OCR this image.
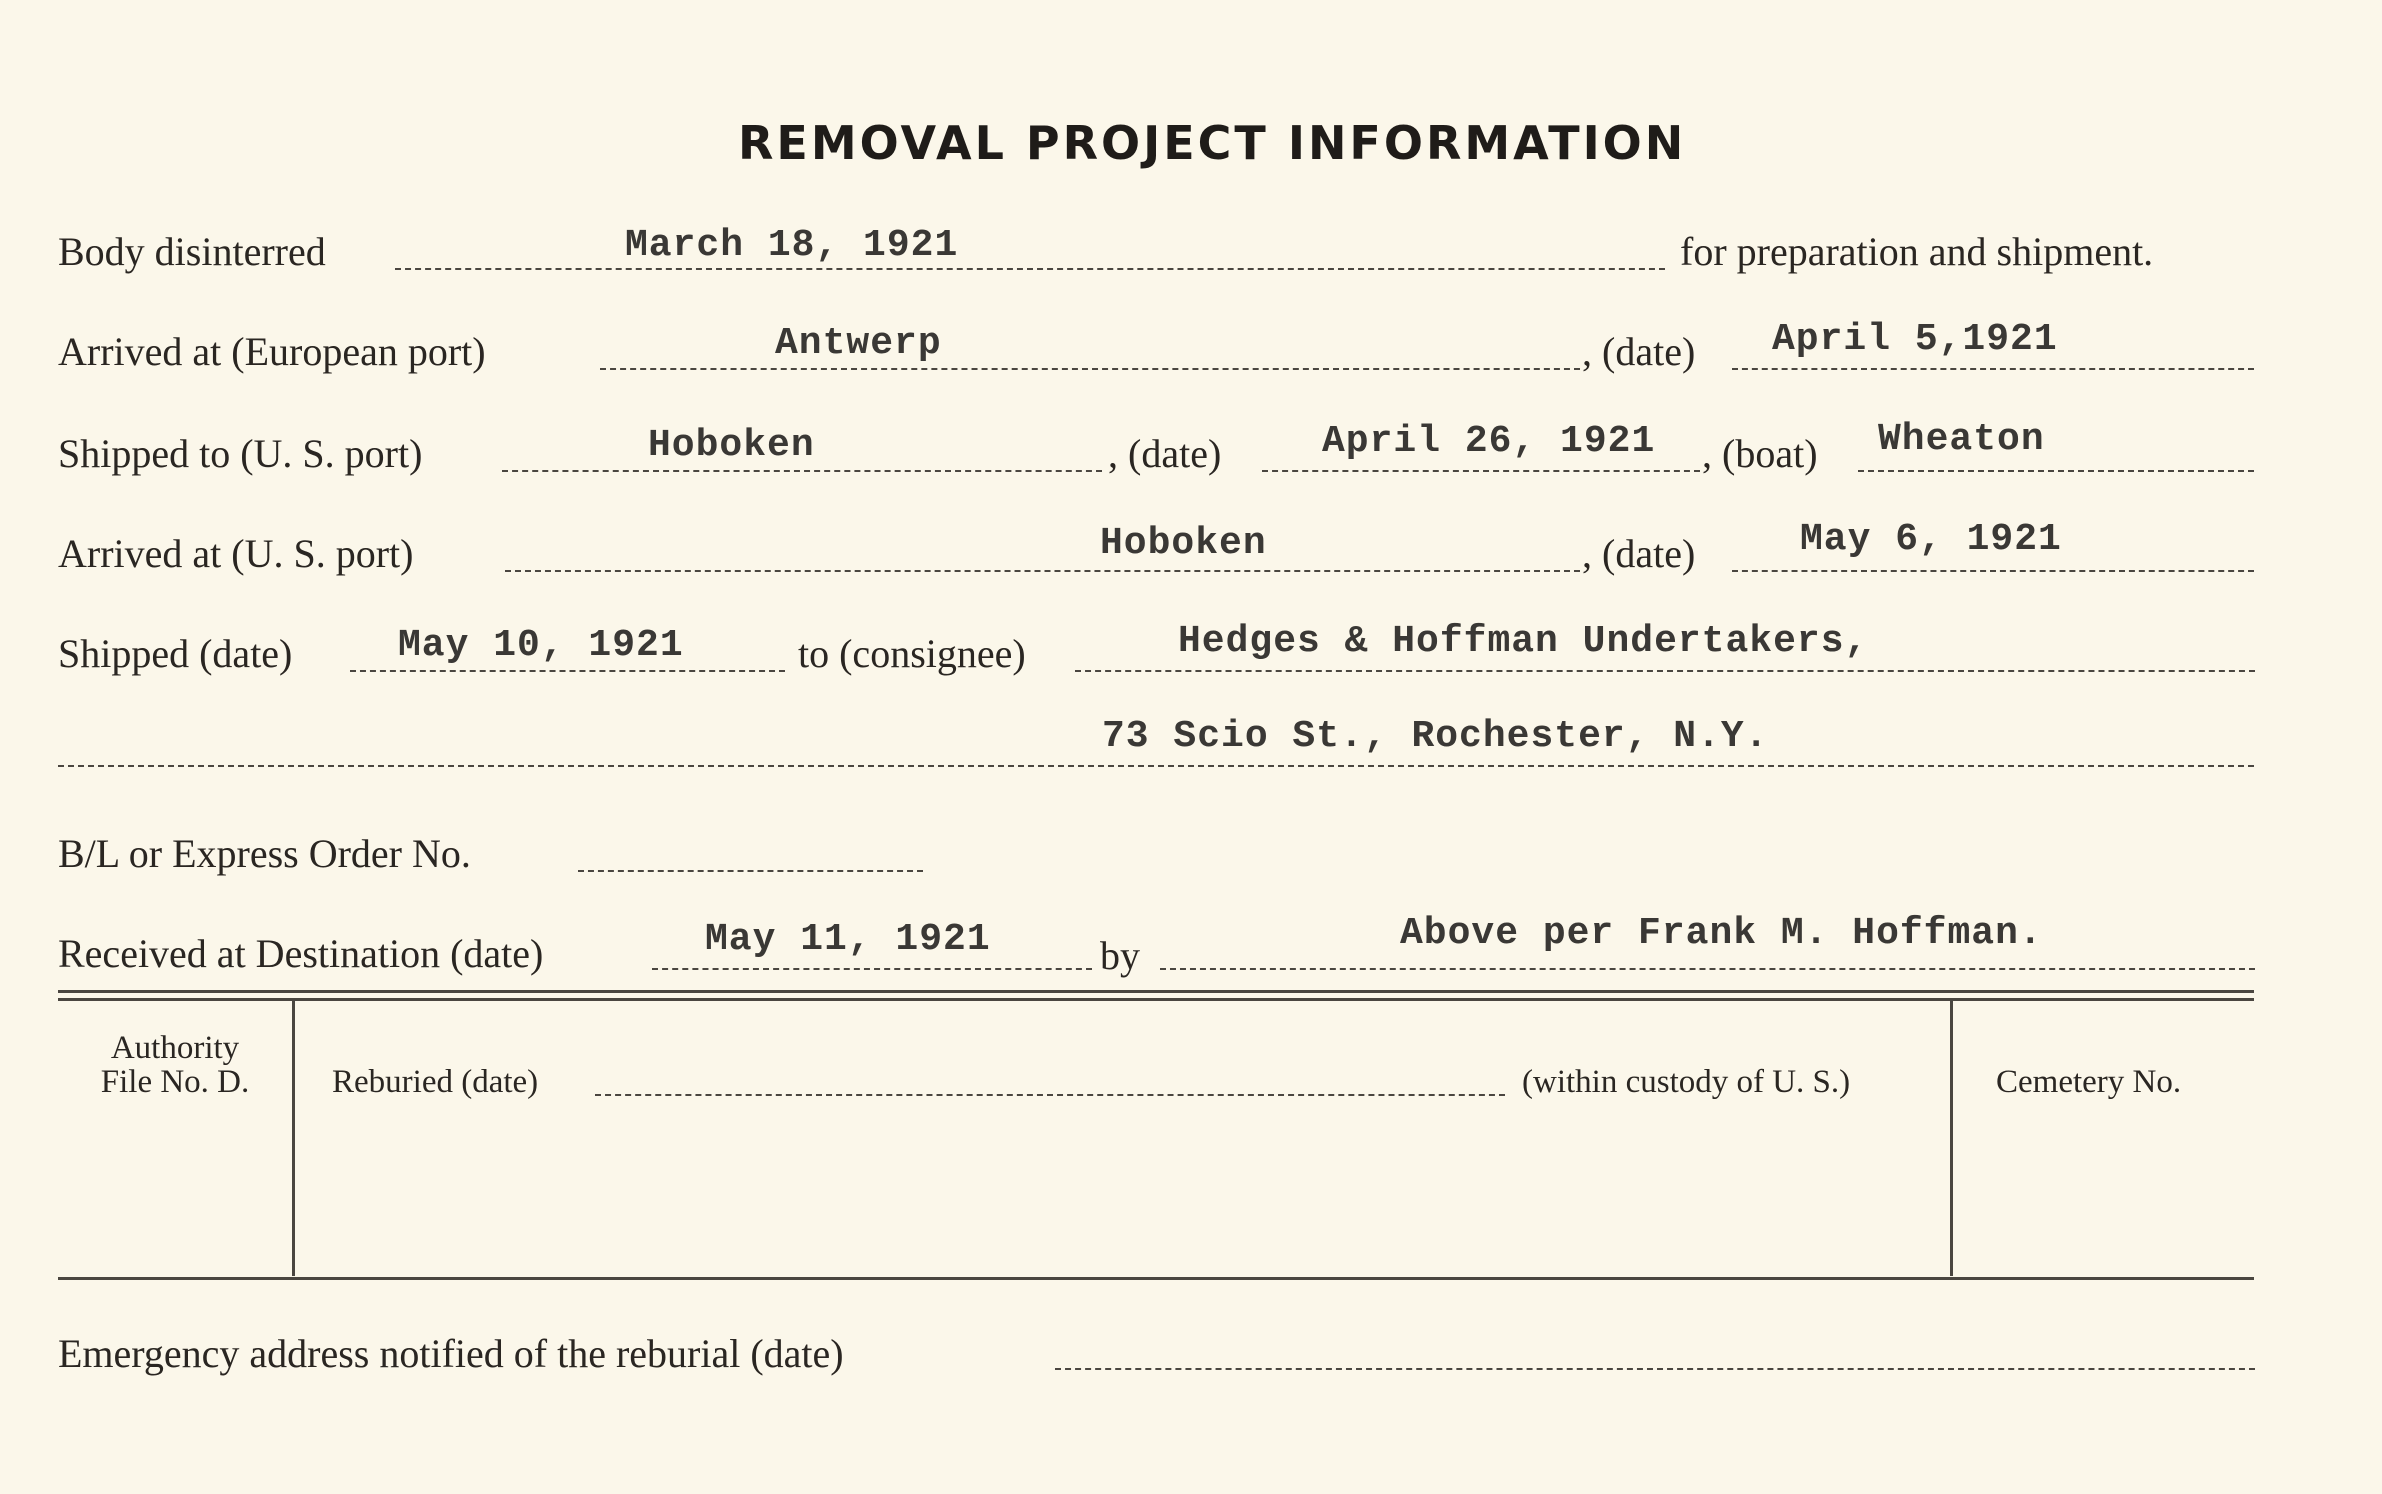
REMOVAL PROJECT INFORMATION
Body disinterred	March 18, 1921	for preparation and shipment.
Arrived at (European port)	Antwerp	, (date) April 5,1921
Shipped to (U. S. port)	Hoboken	, (date)	April 26, 1921 , (boat) Wheaton
Arrived at (U. S. port)	Hoboken	, (date)	May 6, 1921
Shipped (date)	May 10, 1921	to (consignee)	Hedges & Hoffman Undertakers,
73 Scio St., Rochester, N.Y.
B/L or Express Order No.
Received at Destination (date)	May 11, 1921	by	Above per Frank M. Hoffman.
Authority
File No. D.	Reburied (date)	(within custody of U. S.)	Cemetery No.
Emergency address notified of the reburial (date)
